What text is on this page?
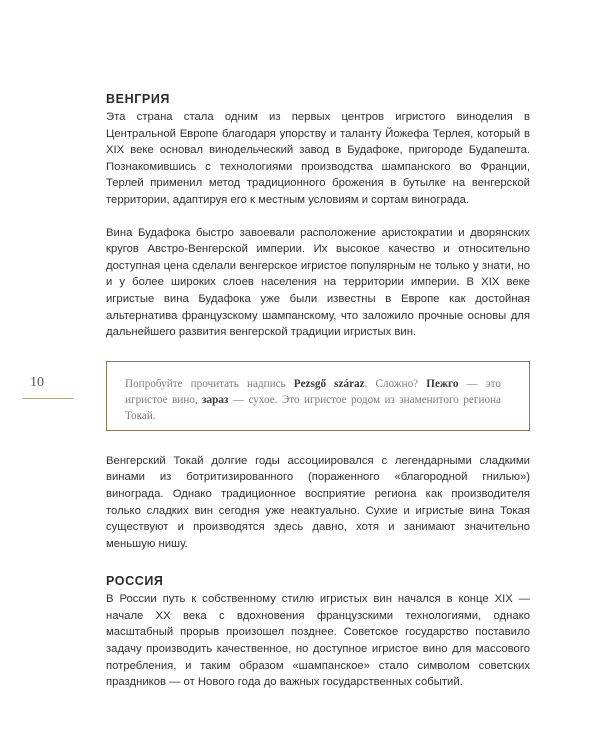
10
ВЕНГРИЯ

Эта страна стала одним из первых центров игристого виноделия в Центральной Европе благодаря упорству и таланту Йожефа Терлея, который в XIX веке основал винодельческий завод в Будафоке, пригороде Будапешта. Познакомившись с технологиями производства шампанского во Франции, Терлей применил метод традиционного брожения в бутылке на венгерской территории, адаптируя его к местным условиям и сортам винограда.

Вина Будафока быстро завоевали расположение аристократии и дворянских кругов Австро-Венгерской империи. Их высокое качество и относительно доступная цена сделали венгерское игристое популярным не только у знати, но и у более широких слоев населения на территории империи. В XIX веке игристые вина Будафока уже были известны в Европе как достойная альтернатива французскому шампанскому, что заложило прочные основы для дальнейшего развития венгерской традиции игристых вин.

Попробуйте прочитать надпись Pezsgő száraz. Сложно? Пежго — это игристое вино, зараз — сухое. Это игристое родом из знаменитого региона Токай.

Венгерский Токай долгие годы ассоциировался с легендарными сладкими винами из ботритизированного (пораженного «благородной гнилью») винограда. Однако традиционное восприятие региона как производителя только сладких вин сегодня уже неактуально. Сухие и игристые вина Токая существуют и производятся здесь давно, хотя и занимают значительно меньшую нишу.

РОССИЯ

В России путь к собственному стилю игристых вин начался в конце XIX — начале XX века с вдохновения французскими технологиями, однако масштабный прорыв произошел позднее. Советское государство поставило задачу производить качественное, но доступное игристое вино для массового потребления, и таким образом «шампанское» стало символом советских праздников — от Нового года до важных государственных событий.
